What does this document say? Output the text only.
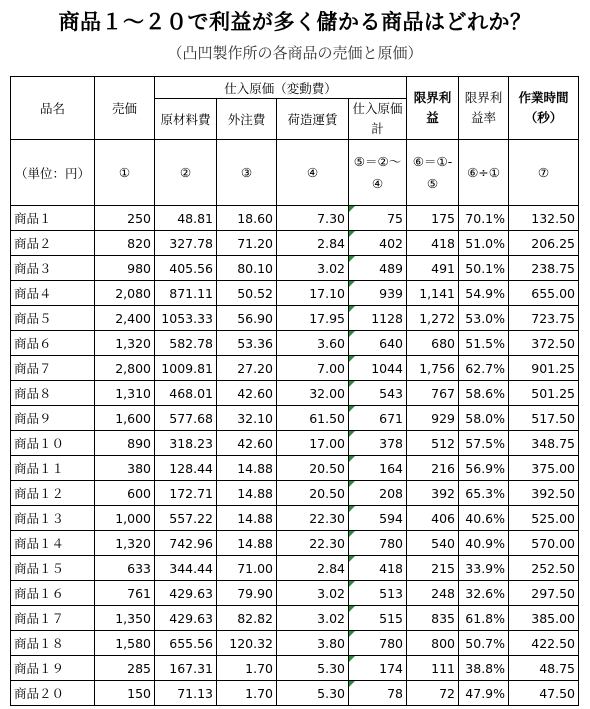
商品１～２０で利益が多く儲かる商品はどれか？
（凸凹製作所の各商品の売価と原価）
品名	売価	仕入原価（変動費）				限界利益	限界利益率	作業時間（秒）
		原材料費	外注費	荷造運賃	仕入原価計			
（単位：円）	①	②	③	④	⑤＝②～④	⑥＝①-⑤	⑥÷①	⑦
商品１	250	48.81	18.60	7.30	75	175	70.1%	132.50
商品２	820	327.78	71.20	2.84	402	418	51.0%	206.25
商品３	980	405.56	80.10	3.02	489	491	50.1%	238.75
商品４	2,080	871.11	50.52	17.10	939	1,141	54.9%	655.00
商品５	2,400	1053.33	56.90	17.95	1128	1,272	53.0%	723.75
商品６	1,320	582.78	53.36	3.60	640	680	51.5%	372.50
商品７	2,800	1009.81	27.20	7.00	1044	1,756	62.7%	901.25
商品８	1,310	468.01	42.60	32.00	543	767	58.6%	501.25
商品９	1,600	577.68	32.10	61.50	671	929	58.0%	517.50
商品１０	890	318.23	42.60	17.00	378	512	57.5%	348.75
商品１１	380	128.44	14.88	20.50	164	216	56.9%	375.00
商品１２	600	172.71	14.88	20.50	208	392	65.3%	392.50
商品１３	1,000	557.22	14.88	22.30	594	406	40.6%	525.00
商品１４	1,320	742.96	14.88	22.30	780	540	40.9%	570.00
商品１５	633	344.44	71.00	2.84	418	215	33.9%	252.50
商品１６	761	429.63	79.90	3.02	513	248	32.6%	297.50
商品１７	1,350	429.63	82.82	3.02	515	835	61.8%	385.00
商品１８	1,580	655.56	120.32	3.80	780	800	50.7%	422.50
商品１９	285	167.31	1.70	5.30	174	111	38.8%	48.75
商品２０	150	71.13	1.70	5.30	78	72	47.9%	47.50
